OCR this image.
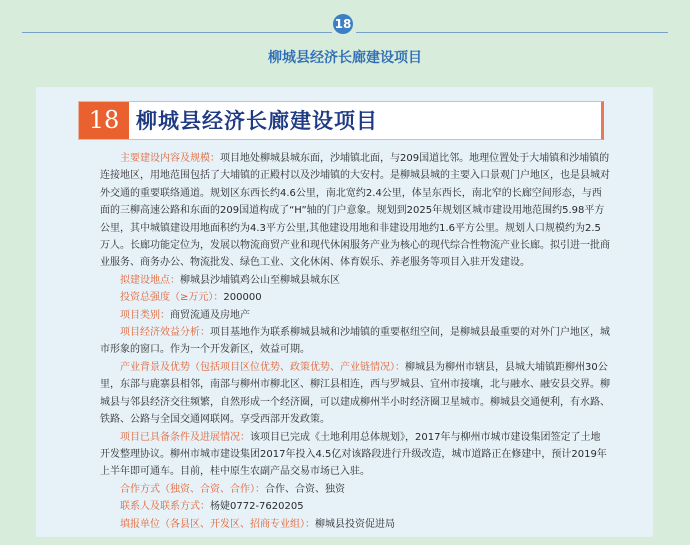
18
柳城县经济长廊建设项目
18 柳城县经济长廊建设项目

主要建设内容及规模：项目地处柳城县城东面，沙埔镇北面，与209国道比邻。地理位置处于大埔镇和沙埔镇的连接地区，用地范围包括了大埔镇的正殿村以及沙埔镇的大安村。是柳城县城的主要入口景观门户地区，也是县城对外交通的重要联络通道。规划区东西长约4.6公里，南北宽约2.4公里，体呈东西长，南北窄的长廊空间形态，与西面的三柳高速公路和东面的209国道构成了“H”轴的门户意象。规划到2025年规划区城市建设用地范围约5.98平方公里，其中城镇建设用地面积约为4.3平方公里,其他建设用地和非建设用地约1.6平方公里。规划人口规模约为2.5万人。长廊功能定位为，发展以物流商贸产业和现代休闲服务产业为核心的现代综合性物流产业长廊。拟引进一批商业服务、商务办公、物流批发、绿色工业、文化休闲、体育娱乐、养老服务等项目入驻开发建设。

拟建设地点：柳城县沙埔镇鸡公山至柳城县城东区

投资总强度（≥万元）：200000

项目类别：商贸流通及房地产

项目经济效益分析：项目基地作为联系柳城县城和沙埔镇的重要枢纽空间，是柳城县最重要的对外门户地区，城市形象的窗口。作为一个开发新区，效益可期。

产业背景及优势（包括项目区位优势、政策优势、产业链情况）：柳城县为柳州市辖县，县城大埔镇距柳州30公里，东部与鹿寨县相邻，南部与柳州市柳北区、柳江县相连，西与罗城县、宜州市接壤，北与融水、融安县交界。柳城县与邻县经济交往频繁，自然形成一个经济圈，可以建成柳州半小时经济圈卫星城市。柳城县交通便利，有水路、铁路、公路与全国交通网联网。享受西部开发政策。

项目已具备条件及进展情况：该项目已完成《土地利用总体规划》，2017年与柳州市城市建设集团签定了土地开发整理协议。柳州市城市建设集团2017年投入4.5亿对该路段进行升级改造，城市道路正在修建中，预计2019年上半年即可通车。目前，桂中原生农副产品交易市场已入驻。

合作方式（独资、合资、合作）：合作、合资、独资

联系人及联系方式：杨婕0772-7620205

填报单位（各县区、开发区、招商专业组）：柳城县投资促进局
